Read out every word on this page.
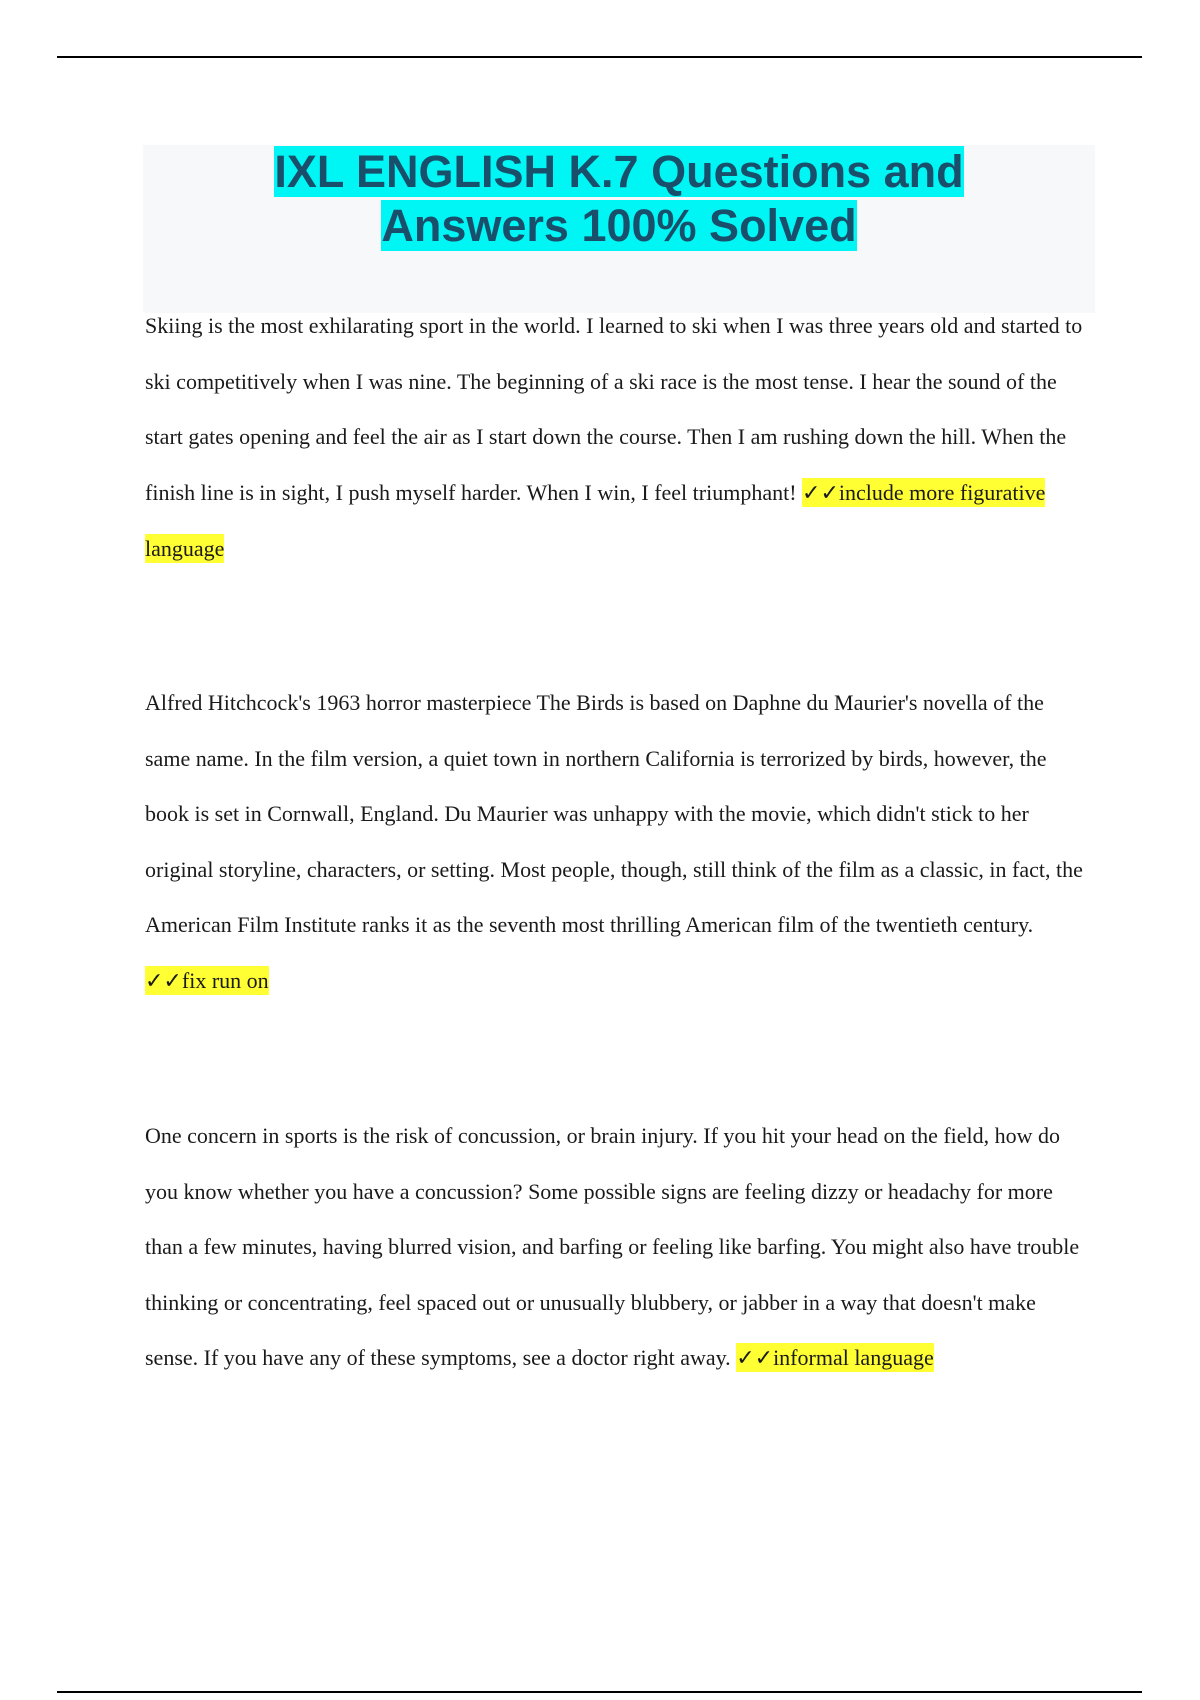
IXL ENGLISH K.7 Questions and
Answers 100% Solved

Skiing is the most exhilarating sport in the world. I learned to ski when I was three years old and started to ski competitively when I was nine. The beginning of a ski race is the most tense. I hear the sound of the start gates opening and feel the air as I start down the course. Then I am rushing down the hill. When the finish line is in sight, I push myself harder. When I win, I feel triumphant! ✓✓include more figurative language

Alfred Hitchcock's 1963 horror masterpiece The Birds is based on Daphne du Maurier's novella of the same name. In the film version, a quiet town in northern California is terrorized by birds, however, the book is set in Cornwall, England. Du Maurier was unhappy with the movie, which didn't stick to her original storyline, characters, or setting. Most people, though, still think of the film as a classic, in fact, the American Film Institute ranks it as the seventh most thrilling American film of the twentieth century. ✓✓fix run on

One concern in sports is the risk of concussion, or brain injury. If you hit your head on the field, how do you know whether you have a concussion? Some possible signs are feeling dizzy or headachy for more than a few minutes, having blurred vision, and barfing or feeling like barfing. You might also have trouble thinking or concentrating, feel spaced out or unusually blubbery, or jabber in a way that doesn't make sense. If you have any of these symptoms, see a doctor right away. ✓✓informal language
